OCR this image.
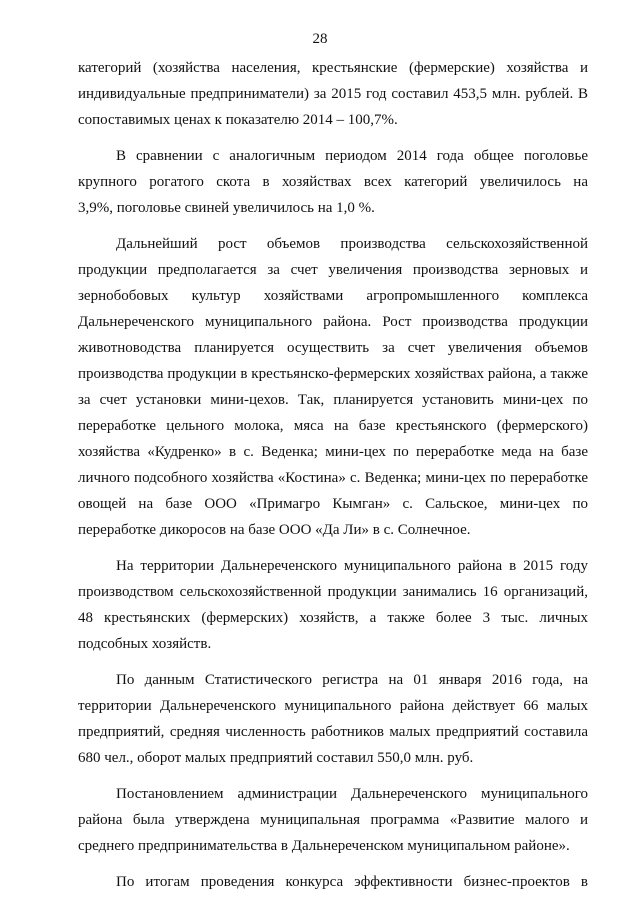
28
категорий (хозяйства населения, крестьянские (фермерские) хозяйства и
индивидуальные предприниматели) за 2015 год составил 453,5 млн. рублей. В
сопоставимых ценах к показателю 2014 – 100,7%.
В сравнении с аналогичным периодом 2014 года общее поголовье
крупного рогатого скота в хозяйствах всех категорий увеличилось на
3,9%, поголовье свиней увеличилось на 1,0 %.
Дальнейший рост объемов производства сельскохозяйственной
продукции предполагается за счет увеличения производства зерновых и
зернобобовых культур хозяйствами агропромышленного комплекса
Дальнереченского муниципального района. Рост производства продукции
животноводства планируется осуществить за счет увеличения объемов
производства продукции в крестьянско-фермерских хозяйствах района, а также
за счет установки мини-цехов. Так, планируется установить мини-цех по
переработке цельного молока, мяса на базе крестьянского (фермерского)
хозяйства «Кудренко» в с. Веденка; мини-цех по переработке меда на базе
личного подсобного хозяйства «Костина» с. Веденка; мини-цех по переработке
овощей на базе ООО «Примагро Кымган» с. Сальское, мини-цех по
переработке дикоросов на базе ООО «Да Ли» в с. Солнечное.
На территории Дальнереченского муниципального района в 2015 году
производством сельскохозяйственной продукции занимались 16 организаций,
48 крестьянских (фермерских) хозяйств, а также более 3 тыс. личных
подсобных хозяйств.
По данным Статистического регистра на 01 января 2016 года, на
территории Дальнереченского муниципального района действует 66 малых
предприятий, средняя численность работников малых предприятий составила
680 чел., оборот малых предприятий составил 550,0 млн. руб.
Постановлением администрации Дальнереченского муниципального
района была утверждена муниципальная программа «Развитие малого и
среднего предпринимательства в Дальнереченском муниципальном районе».
По итогам проведения конкурса эффективности бизнес-проектов в
